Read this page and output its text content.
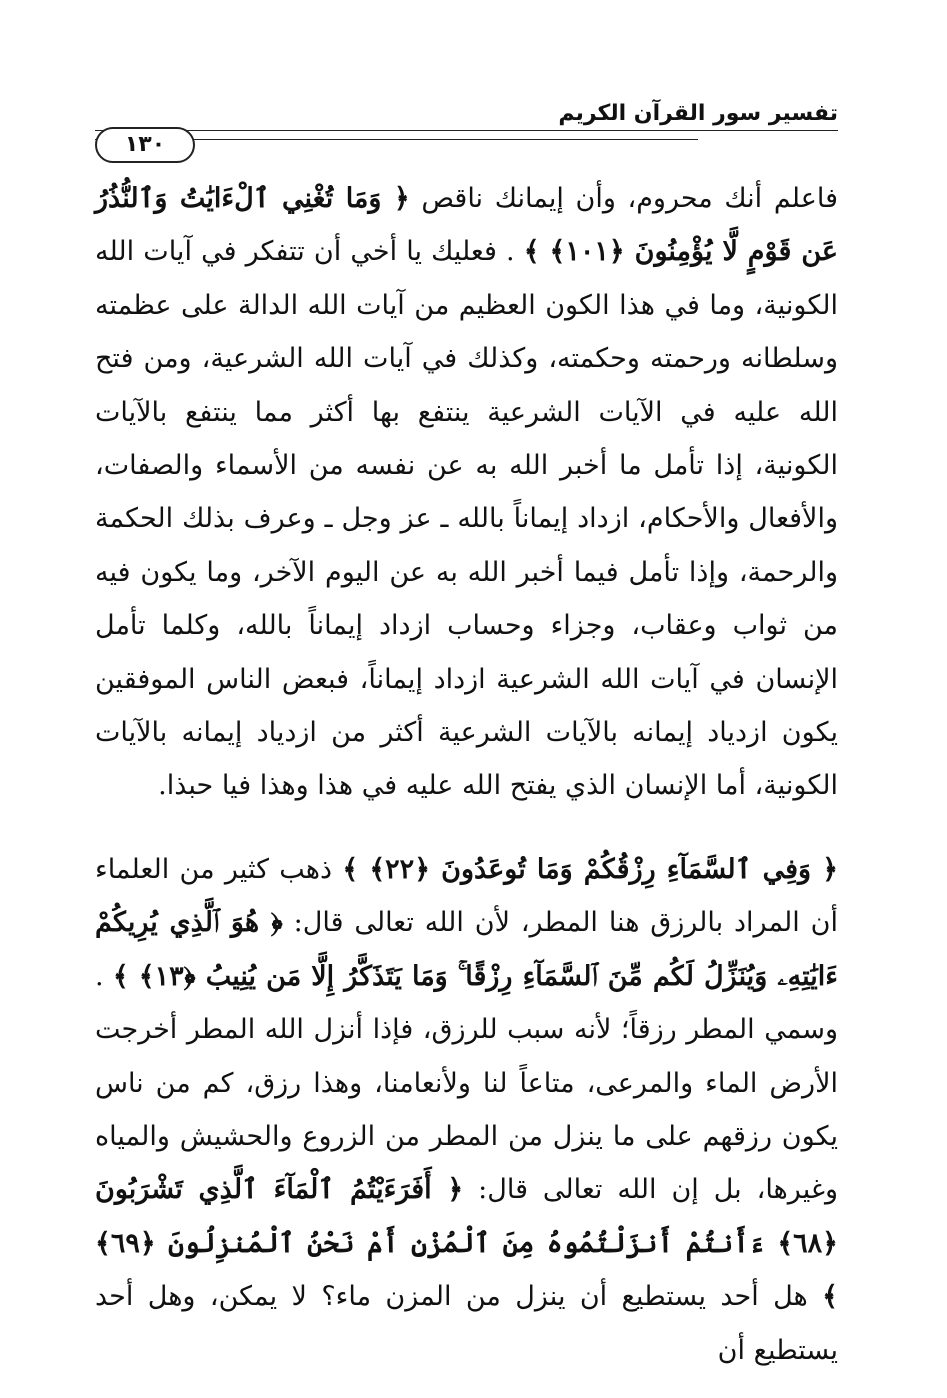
تفسير سور القرآن الكريم
١٣٠

فاعلم أنك محروم، وأن إيمانك ناقص ﴿ وَمَا تُغْنِي ٱلْءَايَٰتُ وَٱلنُّذُرُ عَن قَوْمٍ لَّا يُؤْمِنُونَ ﴿١٠١﴾ ﴾ . فعليك يا أخي أن تتفكر في آيات الله الكونية، وما في هذا الكون العظيم من آيات الله الدالة على عظمته وسلطانه ورحمته وحكمته، وكذلك في آيات الله الشرعية، ومن فتح الله عليه في الآيات الشرعية ينتفع بها أكثر مما ينتفع بالآيات الكونية، إذا تأمل ما أخبر الله به عن نفسه من الأسماء والصفات، والأفعال والأحكام، ازداد إيماناً بالله ـ عز وجل ـ وعرف بذلك الحكمة والرحمة، وإذا تأمل فيما أخبر الله به عن اليوم الآخر، وما يكون فيه من ثواب وعقاب، وجزاء وحساب ازداد إيماناً بالله، وكلما تأمل الإنسان في آيات الله الشرعية ازداد إيماناً، فبعض الناس الموفقين يكون ازدياد إيمانه بالآيات الشرعية أكثر من ازدياد إيمانه بالآيات الكونية، أما الإنسان الذي يفتح الله عليه في هذا وهذا فيا حبذا.

﴿ وَفِي ٱلسَّمَآءِ رِزْقُكُمْ وَمَا تُوعَدُونَ ﴿٢٢﴾ ﴾ ذهب كثير من العلماء أن المراد بالرزق هنا المطر، لأن الله تعالى قال: ﴿ هُوَ ٱلَّذِي يُرِيكُمْ ءَايَٰتِهِۦ وَيُنَزِّلُ لَكُم مِّنَ ٱلسَّمَآءِ رِزْقًا ۚ وَمَا يَتَذَكَّرُ إِلَّا مَن يُنِيبُ ﴿١٣﴾ ﴾ . وسمي المطر رزقاً؛ لأنه سبب للرزق، فإذا أنزل الله المطر أخرجت الأرض الماء والمرعى، متاعاً لنا ولأنعامنا، وهذا رزق، كم من ناس يكون رزقهم على ما ينزل من المطر من الزروع والحشيش والمياه وغيرها، بل إن الله تعالى قال: ﴿ أَفَرَءَيْتُمُ ٱلْمَآءَ ٱلَّذِي تَشْرَبُونَ ﴿٦٨﴾ ءَأَنتُمْ أَنزَلْتُمُوهُ مِنَ ٱلْمُزْنِ أَمْ نَحْنُ ٱلْمُنزِلُونَ ﴿٦٩﴾ ﴾ هل أحد يستطيع أن ينزل من المزن ماء؟ لا يمكن، وهل أحد يستطيع أن
